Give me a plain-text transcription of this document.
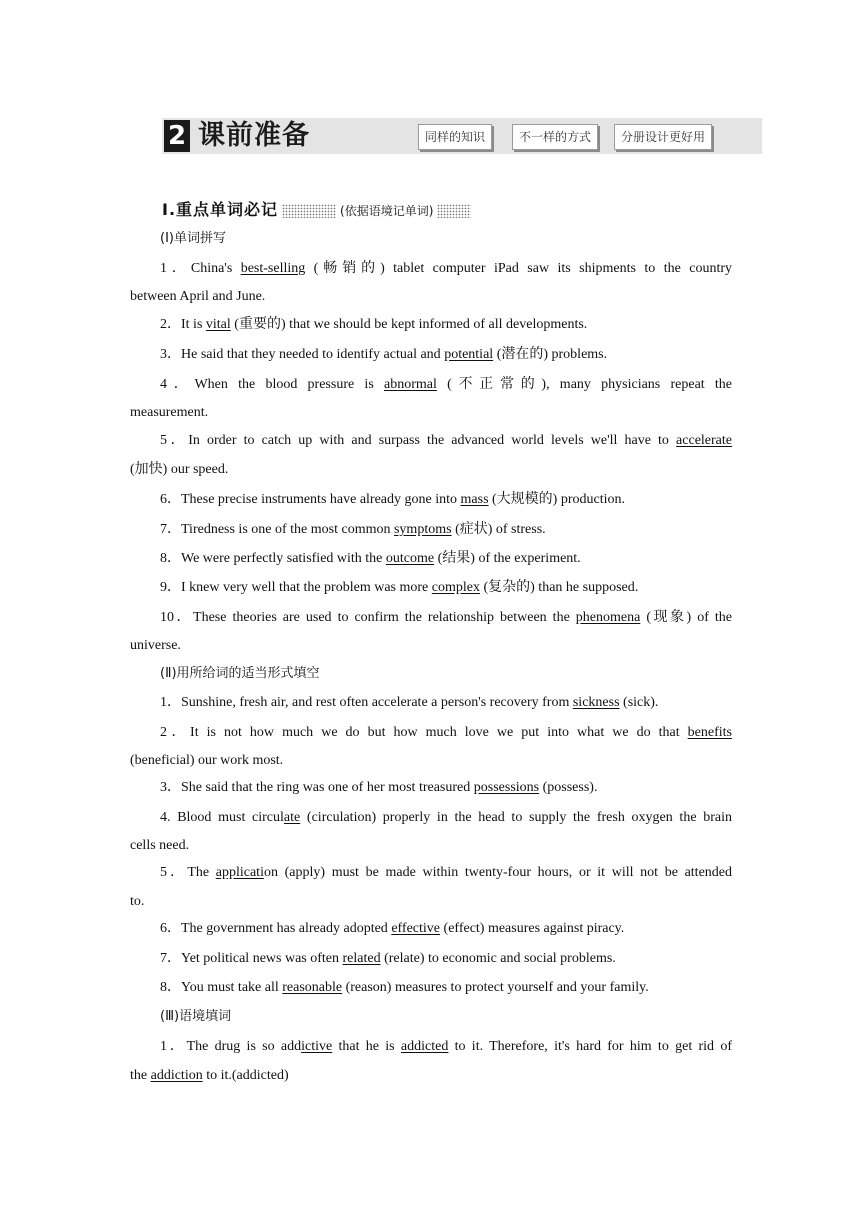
2 课前准备	同样的知识	不一样的方式	分册设计更好用
Ⅰ.重点单词必记	(依据语境记单词)
(Ⅰ)单词拼写
1．China's best-selling (畅销的) tablet computer iPad saw its shipments to the country
between April and June.
2．It is vital (重要的) that we should be kept informed of all developments.
3．He said that they needed to identify actual and potential (潜在的) problems.
4．When the blood pressure is abnormal (不正常的), many physicians repeat the
measurement.
5．In order to catch up with and surpass the advanced world levels we'll have to accelerate
(加快) our speed.
6．These precise instruments have already gone into mass (大规模的) production.
7．Tiredness is one of the most common symptoms (症状) of stress.
8．We were perfectly satisfied with the outcome (结果) of the experiment.
9．I knew very well that the problem was more complex (复杂的) than he supposed.
10．These theories are used to confirm the relationship between the phenomena (现象) of the
universe.
(Ⅱ)用所给词的适当形式填空
1．Sunshine, fresh air, and rest often accelerate a person's recovery from sickness (sick).
2．It is not how much we do but how much love we put into what we do that benefits
(beneficial) our work most.
3．She said that the ring was one of her most treasured possessions (possess).
4. Blood must circulate (circulation) properly in the head to supply the fresh oxygen the brain
cells need.
5．The application (apply) must be made within twenty-four hours, or it will not be attended
to.
6．The government has already adopted effective (effect) measures against piracy.
7．Yet political news was often related (relate) to economic and social problems.
8．You must take all reasonable (reason) measures to protect yourself and your family.
(Ⅲ)语境填词
1．The drug is so addictive that he is addicted to it. Therefore, it's hard for him to get rid of
the addiction to it.(addicted)
